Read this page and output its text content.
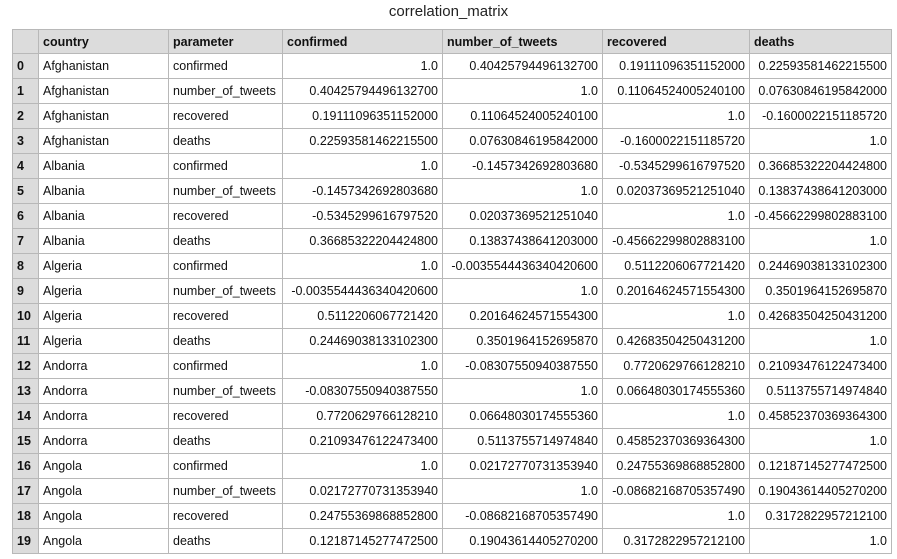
correlation_matrix
	country	parameter	confirmed	number_of_tweets	recovered	deaths
0	Afghanistan	confirmed	1.0	0.40425794496132700	0.19111096351152000	0.22593581462215500
1	Afghanistan	number_of_tweets	0.40425794496132700	1.0	0.11064524005240100	0.07630846195842000
2	Afghanistan	recovered	0.19111096351152000	0.11064524005240100	1.0	-0.1600022151185720
3	Afghanistan	deaths	0.22593581462215500	0.07630846195842000	-0.1600022151185720	1.0
4	Albania	confirmed	1.0	-0.1457342692803680	-0.5345299616797520	0.36685322204424800
5	Albania	number_of_tweets	-0.1457342692803680	1.0	0.02037369521251040	0.13837438641203000
6	Albania	recovered	-0.5345299616797520	0.02037369521251040	1.0	-0.45662299802883100
7	Albania	deaths	0.36685322204424800	0.13837438641203000	-0.45662299802883100	1.0
8	Algeria	confirmed	1.0	-0.0035544436340420600	0.5112206067721420	0.24469038133102300
9	Algeria	number_of_tweets	-0.0035544436340420600	1.0	0.20164624571554300	0.3501964152695870
10	Algeria	recovered	0.5112206067721420	0.20164624571554300	1.0	0.42683504250431200
11	Algeria	deaths	0.24469038133102300	0.3501964152695870	0.42683504250431200	1.0
12	Andorra	confirmed	1.0	-0.08307550940387550	0.7720629766128210	0.21093476122473400
13	Andorra	number_of_tweets	-0.08307550940387550	1.0	0.06648030174555360	0.5113755714974840
14	Andorra	recovered	0.7720629766128210	0.06648030174555360	1.0	0.45852370369364300
15	Andorra	deaths	0.21093476122473400	0.5113755714974840	0.45852370369364300	1.0
16	Angola	confirmed	1.0	0.02172770731353940	0.24755369868852800	0.12187145277472500
17	Angola	number_of_tweets	0.02172770731353940	1.0	-0.08682168705357490	0.19043614405270200
18	Angola	recovered	0.24755369868852800	-0.08682168705357490	1.0	0.3172822957212100
19	Angola	deaths	0.12187145277472500	0.19043614405270200	0.3172822957212100	1.0
